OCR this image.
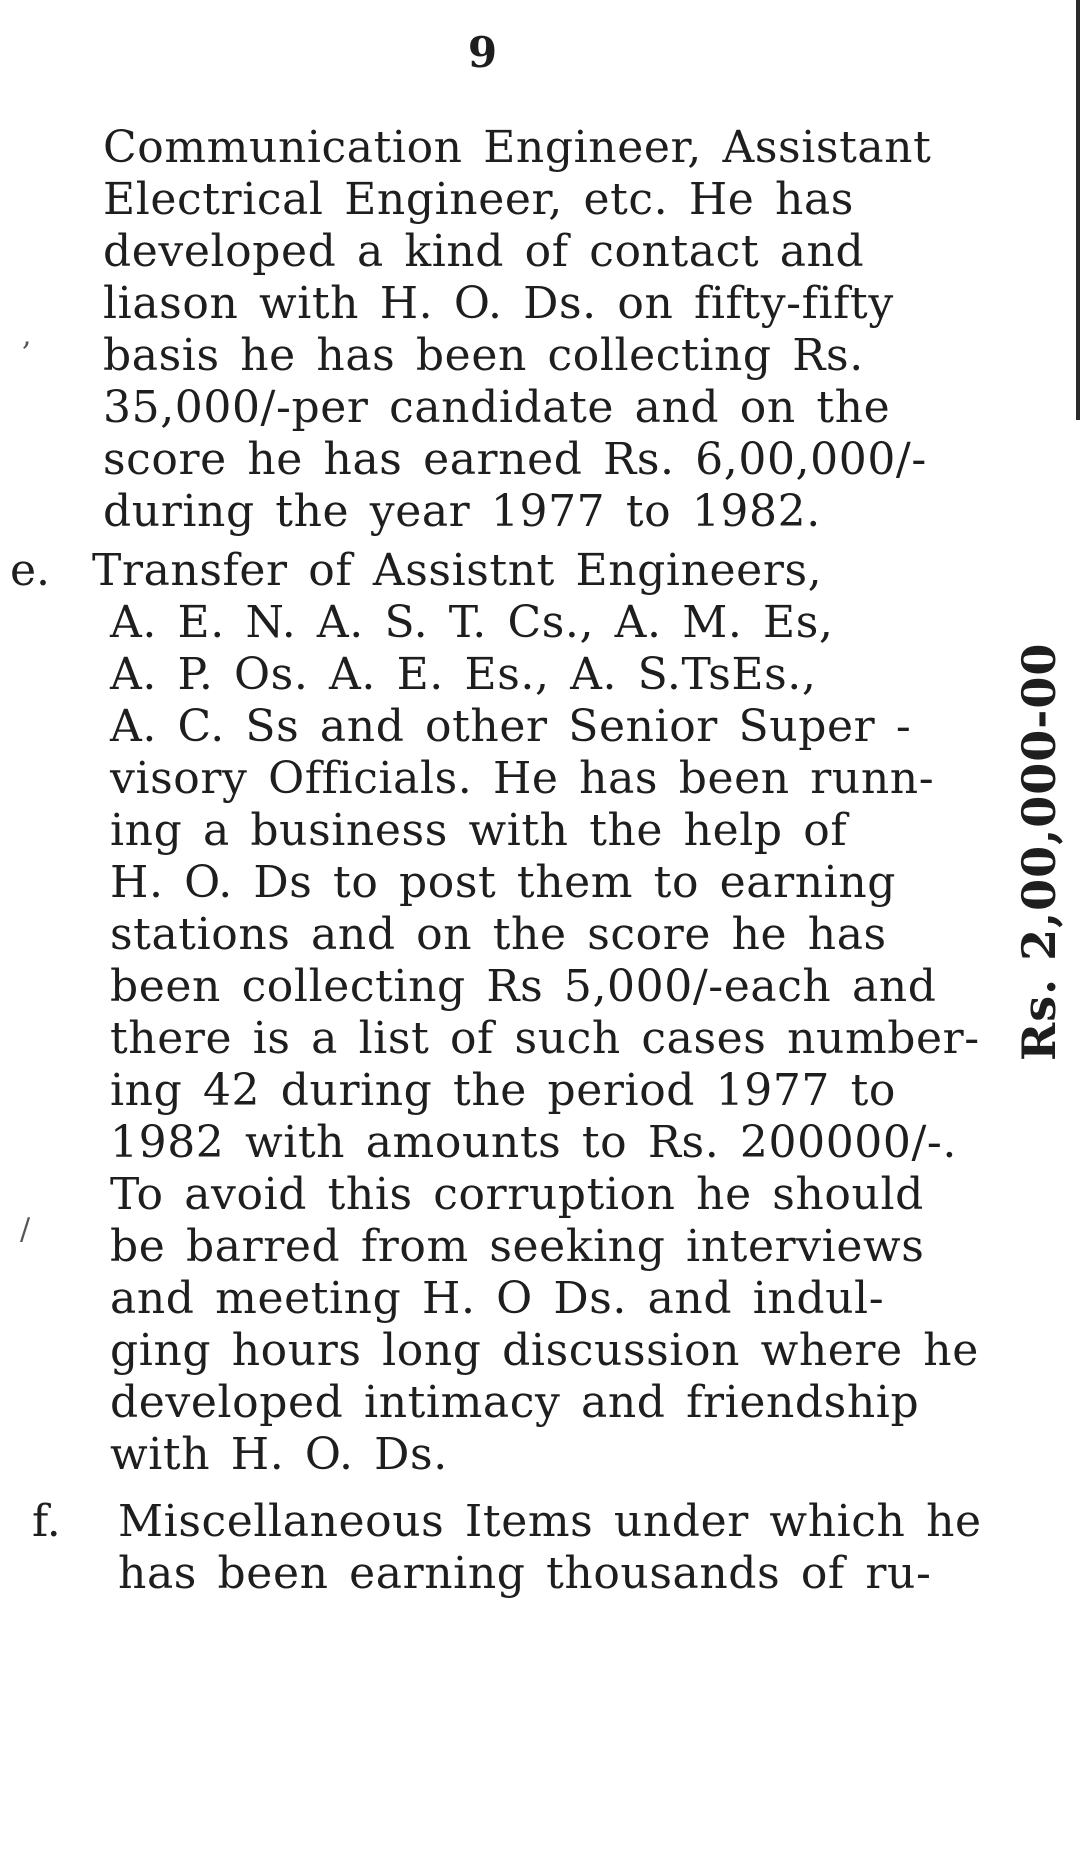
,
/
9
Communication Engineer, Assistant
Electrical Engineer, etc. He has
developed a kind of contact and
liason with H. O. Ds. on fifty-fifty
basis he has been collecting Rs.
35,000/-per candidate and on the
score he has earned Rs. 6,00,000/-
during the year 1977 to 1982.
e. Transfer of Assistnt Engineers,
A. E. N. A. S. T. Cs., A. M. Es,
A. P. Os. A. E. Es., A. S.TsEs.,
A. C. Ss and other Senior Super -
visory Officials. He has been runn-
ing a business with the help of
H. O. Ds to post them to earning
stations and on the score he has
been collecting Rs 5,000/-each and
there is a list of such cases number-
ing 42 during the period 1977 to
1982 with amounts to Rs. 200000/-.
To avoid this corruption he should
be barred from seeking interviews
and meeting H. O Ds. and indul-
ging hours long discussion where he
developed intimacy and friendship
with H. O. Ds.
f. Miscellaneous Items under which he
has been earning thousands of ru-
Rs. 2,00,000-00
